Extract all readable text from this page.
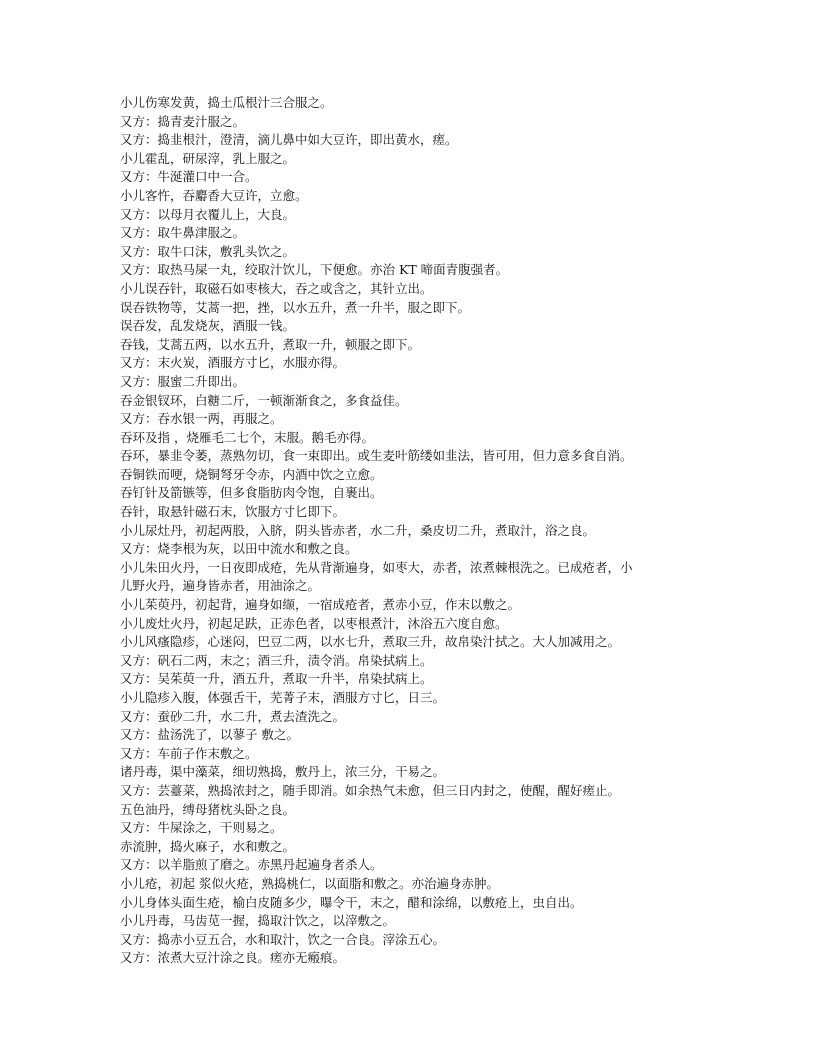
小儿伤寒发黄，捣土瓜根汁三合服之。
又方：捣青麦汁服之。
又方：捣韭根汁，澄清，滴儿鼻中如大豆许，即出黄水，瘥。
小儿霍乱，研尿滓，乳上服之。
又方：牛涎灌口中一合。
小儿客忤，吞麝香大豆许，立愈。
又方：以母月衣覆儿上，大良。
又方：取牛鼻津服之。
又方：取牛口沫，敷乳头饮之。
又方：取热马屎一丸，绞取汁饮儿，下便愈。亦治 KT 啼面青腹强者。
小儿误吞针，取磁石如枣核大，吞之或含之，其针立出。
误吞铁物等，艾蒿一把，挫，以水五升，煮一升半，服之即下。
误吞发，乱发烧灰，酒服一钱。
吞钱，艾蒿五两，以水五升，煮取一升，顿服之即下。
又方：末火炭，酒服方寸匕，水服亦得。
又方：服蜜二升即出。
吞金银钗环，白糖二斤，一顿渐渐食之，多食益佳。
又方：吞水银一两，再服之。
吞环及指 ，烧雁毛二七个，末服。鹅毛亦得。
吞环，暴韭令萎，蒸熟勿切，食一束即出。或生麦叶筋缕如韭法，皆可用，但力意多食自消。
吞铜铁而哽，烧铜弩牙令赤，内酒中饮之立愈。
吞钉针及箭镞等，但多食脂肪肉令饱，自裹出。
吞针，取悬针磁石末，饮服方寸匕即下。
小儿尿灶丹，初起两股，入脐，阴头皆赤者，水二升，桑皮切二升，煮取汁，浴之良。
又方：烧李根为灰，以田中流水和敷之良。
小儿朱田火丹，一日夜即成疮，先从背渐遍身，如枣大，赤者，浓煮棘根洗之。已成疮者，小
儿野火丹，遍身皆赤者，用油涂之。
小儿茱萸丹，初起背，遍身如缬，一宿成疮者，煮赤小豆，作末以敷之。
小儿废灶火丹，初起足趺，正赤色者，以枣根煮汁，沐浴五六度自愈。
小儿风瘙隐疹，心迷闷，巴豆二两，以水七升，煮取三升，故帛染汁拭之。大人加减用之。
又方：矾石二两，末之；酒三升，渍令消。帛染拭病上。
又方：吴茱萸一升，酒五升，煮取一升半，帛染拭病上。
小儿隐疹入腹，体强舌干，芜菁子末，酒服方寸匕，日三。
又方：蚕砂二升，水二升，煮去渣洗之。
又方：盐汤洗了，以蓼子 敷之。
又方：车前子作末敷之。
诸丹毒，渠中藻菜，细切熟捣，敷丹上，浓三分，干易之。
又方：芸薹菜，熟捣浓封之，随手即消。如余热气未愈，但三日内封之，使醒，醒好瘥止。
五色油丹，缚母猪枕头卧之良。
又方：牛屎涂之，干则易之。
赤流肿，捣火麻子，水和敷之。
又方：以羊脂煎了磨之。赤黑丹起遍身者杀人。
小儿疮，初起 浆似火疮，熟捣桃仁，以面脂和敷之。亦治遍身赤肿。
小儿身体头面生疮，榆白皮随多少，曝令干，末之，醋和涂绵，以敷疮上，虫自出。
小儿丹毒，马齿苋一握，捣取汁饮之，以滓敷之。
又方：捣赤小豆五合，水和取汁，饮之一合良。滓涂五心。
又方：浓煮大豆汁涂之良。瘥亦无瘢痕。
